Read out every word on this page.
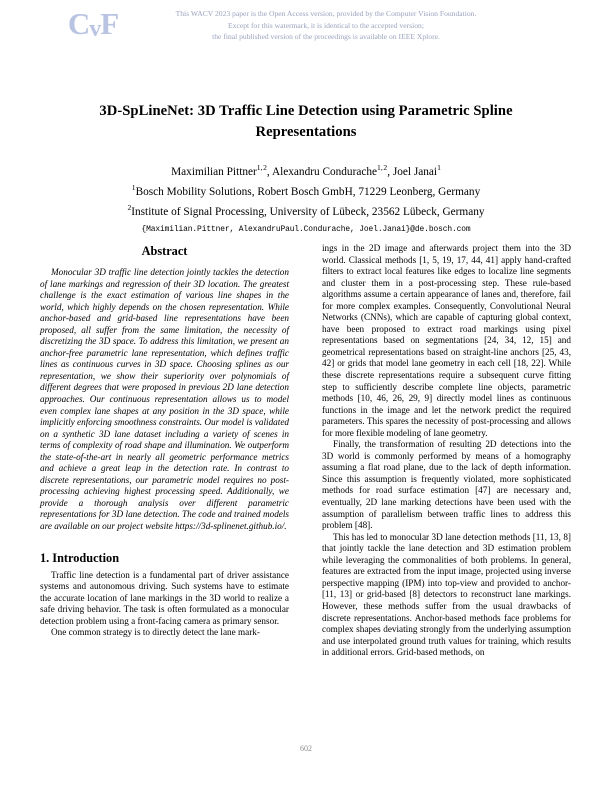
CvF	This WACV 2023 paper is the Open Access version, provided by the Computer Vision Foundation.
Except for this watermark, it is identical to the accepted version;
the final published version of the proceedings is available on IEEE Xplore.
3D-SpLineNet: 3D Traffic Line Detection using Parametric Spline Representations
Maximilian Pittner$^{1, 2}$, Alexandru Condurache$^{1, 2}$, Joel Janai$^1$
$^1$Bosch Mobility Solutions, Robert Bosch GmbH, 71229 Leonberg, Germany
$^2$Institute of Signal Processing, University of Lübeck, 23562 Lübeck, Germany
{Maximilian.Pittner, AlexandruPaul.Condurache, Joel.Janai}@de.bosch.com
Abstract

Monocular 3D traffic line detection jointly tackles the detection of lane markings and regression of their 3D location. The greatest challenge is the exact estimation of various line shapes in the world, which highly depends on the chosen representation. While anchor-based and grid-based line representations have been proposed, all suffer from the same limitation, the necessity of discretizing the 3D space. To address this limitation, we present an anchor-free parametric lane representation, which defines traffic lines as continuous curves in 3D space. Choosing splines as our representation, we show their superiority over polynomials of different degrees that were proposed in previous 2D lane detection approaches. Our continuous representation allows us to model even complex lane shapes at any position in the 3D space, while implicitly enforcing smoothness constraints. Our model is validated on a synthetic 3D lane dataset including a variety of scenes in terms of complexity of road shape and illumination. We outperform the state-of-the-art in nearly all geometric performance metrics and achieve a great leap in the detection rate. In contrast to discrete representations, our parametric model requires no post-processing achieving highest processing speed. Additionally, we provide a thorough analysis over different parametric representations for 3D lane detection. The code and trained models are available on our project website https://3d-splinenet.github.io/.

1. Introduction

Traffic line detection is a fundamental part of driver assistance systems and autonomous driving. Such systems have to estimate the accurate location of lane markings in the 3D world to realize a safe driving behavior. The task is often formulated as a monocular detection problem using a front-facing camera as primary sensor.

One common strategy is to directly detect the lane mark-

ings in the 2D image and afterwards project them into the 3D world. Classical methods [1, 5, 19, 17, 44, 41] apply hand-crafted filters to extract local features like edges to localize line segments and cluster them in a post-processing step. These rule-based algorithms assume a certain appearance of lanes and, therefore, fail for more complex examples. Consequently, Convolutional Neural Networks (CNNs), which are capable of capturing global context, have been proposed to extract road markings using pixel representations based on segmentations [24, 34, 12, 15] and geometrical representations based on straight-line anchors [25, 43, 42] or grids that model lane geometry in each cell [18, 22]. While these discrete representations require a subsequent curve fitting step to sufficiently describe complete line objects, parametric methods [10, 46, 26, 29, 9] directly model lines as continuous functions in the image and let the network predict the required parameters. This spares the necessity of post-processing and allows for more flexible modeling of lane geometry.

Finally, the transformation of resulting 2D detections into the 3D world is commonly performed by means of a homography assuming a flat road plane, due to the lack of depth information. Since this assumption is frequently violated, more sophisticated methods for road surface estimation [47] are necessary and, eventually, 2D lane marking detections have been used with the assumption of parallelism between traffic lines to address this problem [48].

This has led to monocular 3D lane detection methods [11, 13, 8] that jointly tackle the lane detection and 3D estimation problem while leveraging the commonalities of both problems. In general, features are extracted from the input image, projected using inverse perspective mapping (IPM) into top-view and provided to anchor- [11, 13] or grid-based [8] detectors to reconstruct lane markings. However, these methods suffer from the usual drawbacks of discrete representations. Anchor-based methods face problems for complex shapes deviating strongly from the underlying assumption and use interpolated ground truth values for training, which results in additional errors. Grid-based methods, on

602
